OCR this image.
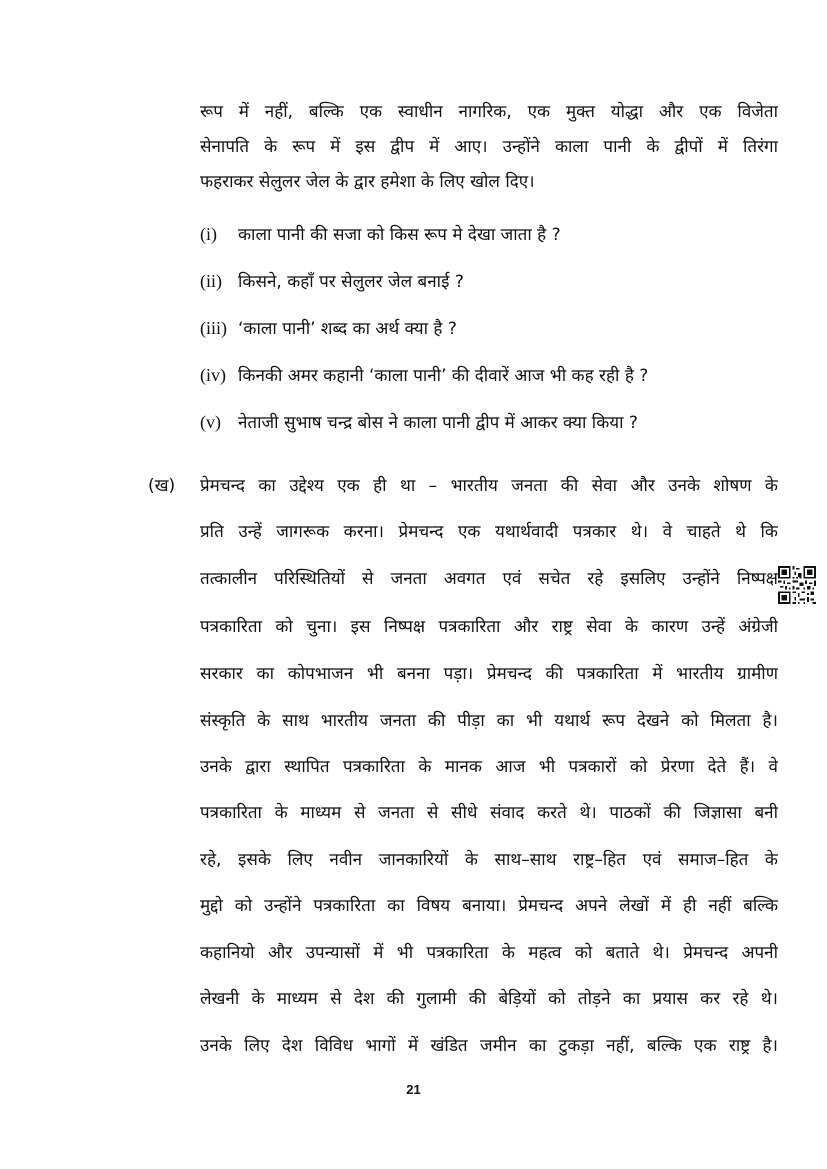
रूप में नहीं, बल्कि एक स्वाधीन नागरिक, एक मुक्त योद्धा और एक विजेता
सेनापति के रूप में इस द्वीप में आए। उन्होंने काला पानी के द्वीपों में तिरंगा
फहराकर सेलुलर जेल के द्वार हमेशा के लिए खोल दिए।
(i) काला पानी की सजा को किस रूप मे देखा जाता है ?
(ii) किसने, कहाँ पर सेलुलर जेल बनाई ?
(iii) ‘काला पानी’ शब्द का अर्थ क्या है ?
(iv) किनकी अमर कहानी ‘काला पानी’ की दीवारें आज भी कह रही है ?
(v) नेताजी सुभाष चन्द्र बोस ने काला पानी द्वीप में आकर क्या किया ?
(ख) प्रेमचन्द का उद्देश्य एक ही था – भारतीय जनता की सेवा और उनके शोषण के
प्रति उन्हें जागरूक करना। प्रेमचन्द एक यथार्थवादी पत्रकार थे। वे चाहते थे कि
तत्कालीन परिस्थितियों से जनता अवगत एवं सचेत रहे इसलिए उन्होंने निष्पक्ष
पत्रकारिता को चुना। इस निष्पक्ष पत्रकारिता और राष्ट्र सेवा के कारण उन्हें अंग्रेजी
सरकार का कोपभाजन भी बनना पड़ा। प्रेमचन्द की पत्रकारिता में भारतीय ग्रामीण
संस्कृति के साथ भारतीय जनता की पीड़ा का भी यथार्थ रूप देखने को मिलता है।
उनके द्वारा स्थापित पत्रकारिता के मानक आज भी पत्रकारों को प्रेरणा देते हैं। वे
पत्रकारिता के माध्यम से जनता से सीधे संवाद करते थे। पाठकों की जिज्ञासा बनी
रहे, इसके लिए नवीन जानकारियों के साथ–साथ राष्ट्र–हित एवं समाज–हित के
मुद्दो को उन्होंने पत्रकारिता का विषय बनाया। प्रेमचन्द अपने लेखों में ही नहीं बल्कि
कहानियो और उपन्यासों में भी पत्रकारिता के महत्व को बताते थे। प्रेमचन्द अपनी
लेखनी के माध्यम से देश की गुलामी की बेड़ियों को तोड़ने का प्रयास कर रहे थे।
उनके लिए देश विविध भागों में खंडित जमीन का टुकड़ा नहीं, बल्कि एक राष्ट्र है।
21
